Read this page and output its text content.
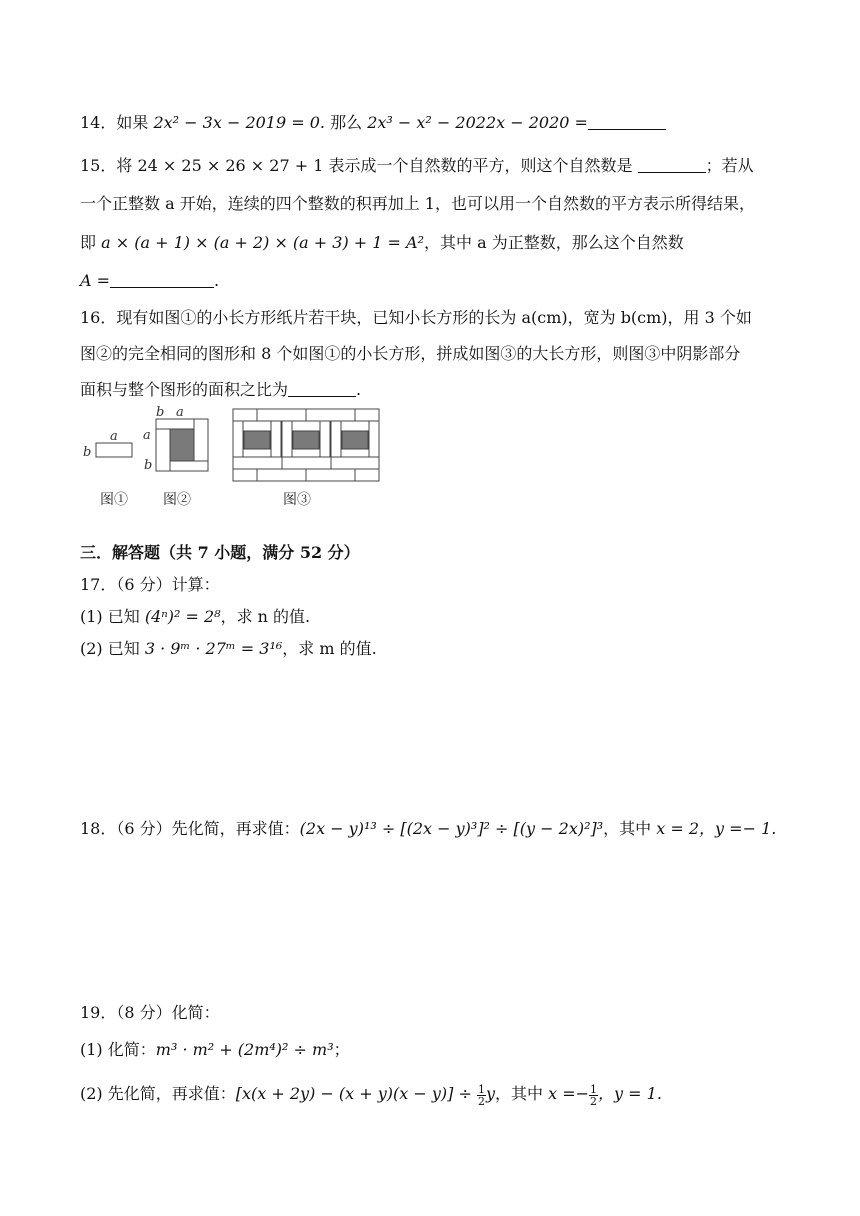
14．如果 2x² − 3x − 2019 = 0. 那么 2x³ − x² − 2022x − 2020 =
15．将 24 × 25 × 26 × 27 + 1 表示成一个自然数的平方，则这个自然数是	；若从
一个正整数 a 开始，连续的四个整数的积再加上 1，也可以用一个自然数的平方表示所得结果，
即 a × (a + 1) × (a + 2) × (a + 3) + 1 = A²，其中 a 为正整数，那么这个自然数
A =	.
16．现有如图①的小长方形纸片若干块，已知小长方形的长为 a(cm)，宽为 b(cm)，用 3 个如
图②的完全相同的图形和 8 个如图①的小长方形，拼成如图③的大长方形，则图③中阴影部分
面积与整个图形的面积之比为	.
a
b
b a
a
b
图①	图②	图③
三．解答题（共 7 小题，满分 52 分）
17．（6 分）计算：
(1) 已知 (4ⁿ)² = 2⁸，求 n 的值.
(2) 已知 3 · 9ᵐ · 27ᵐ = 3¹⁶，求 m 的值.
18．（6 分）先化简，再求值：(2x − y)¹³ ÷ [(2x − y)³]² ÷ [(y − 2x)²]³，其中 x = 2，y =− 1.
19．（8 分）化简：
(1) 化简：m³ · m² + (2m⁴)² ÷ m³；
(2) 先化简，再求值：$[x(x + 2y) - (x + y)(x - y)] \div \frac{1}{2}$ y，其中 $x =- \frac{1}{2}$ ，y = 1.
